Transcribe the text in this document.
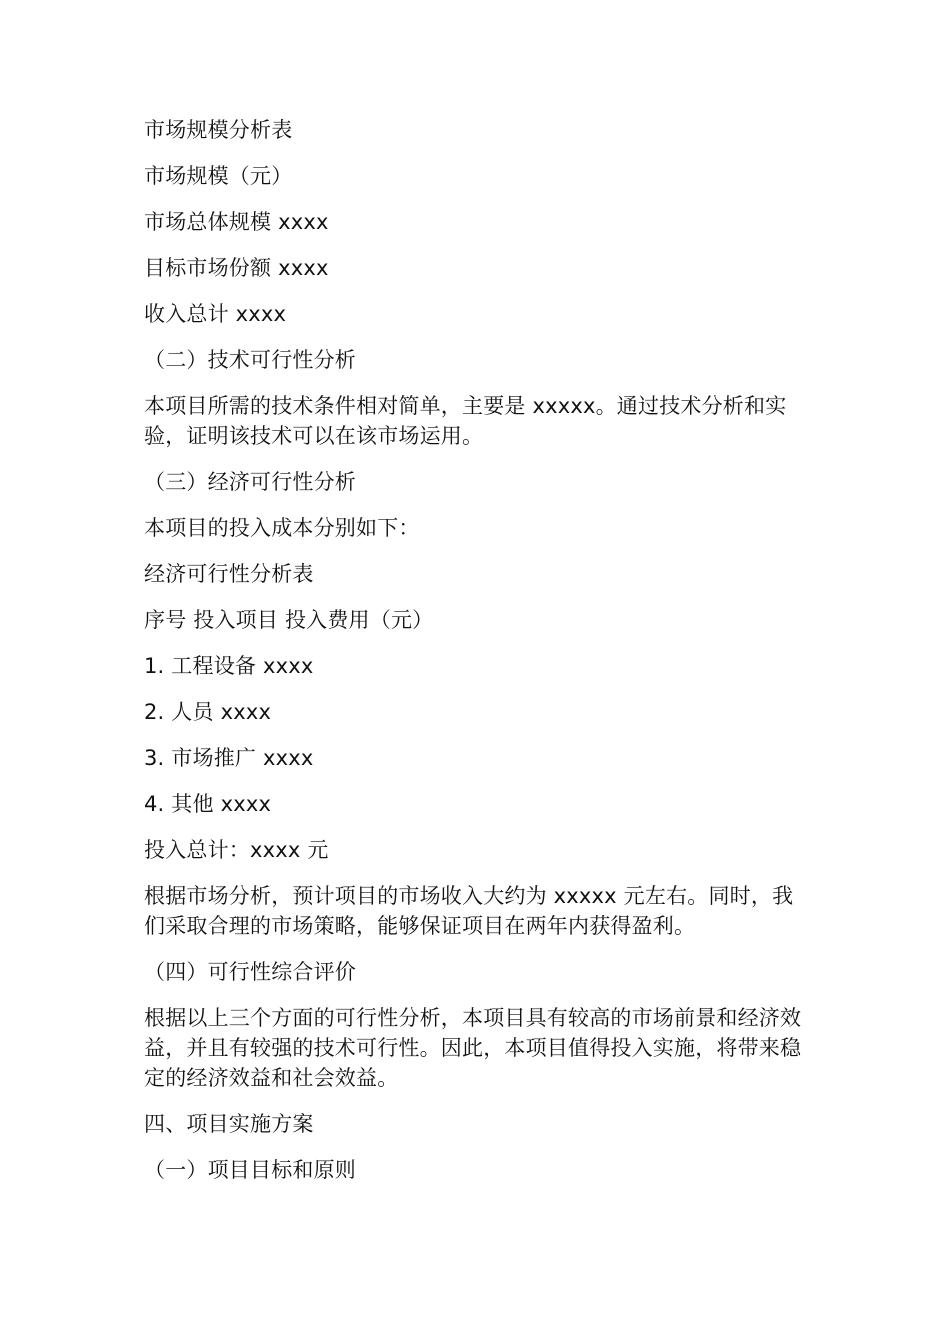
市场规模分析表

市场规模（元）

市场总体规模 xxxx

目标市场份额 xxxx

收入总计 xxxx

（二）技术可行性分析

本项目所需的技术条件相对简单，主要是 xxxxx。通过技术分析和实验，证明该技术可以在该市场运用。

（三）经济可行性分析

本项目的投入成本分别如下：

经济可行性分析表

序号 投入项目 投入费用（元）

1. 工程设备 xxxx

2. 人员 xxxx

3. 市场推广 xxxx

4. 其他 xxxx

投入总计：xxxx 元

根据市场分析，预计项目的市场收入大约为 xxxxx 元左右。同时，我们采取合理的市场策略，能够保证项目在两年内获得盈利。

（四）可行性综合评价

根据以上三个方面的可行性分析，本项目具有较高的市场前景和经济效益，并且有较强的技术可行性。因此，本项目值得投入实施，将带来稳定的经济效益和社会效益。

四、项目实施方案

（一）项目目标和原则
